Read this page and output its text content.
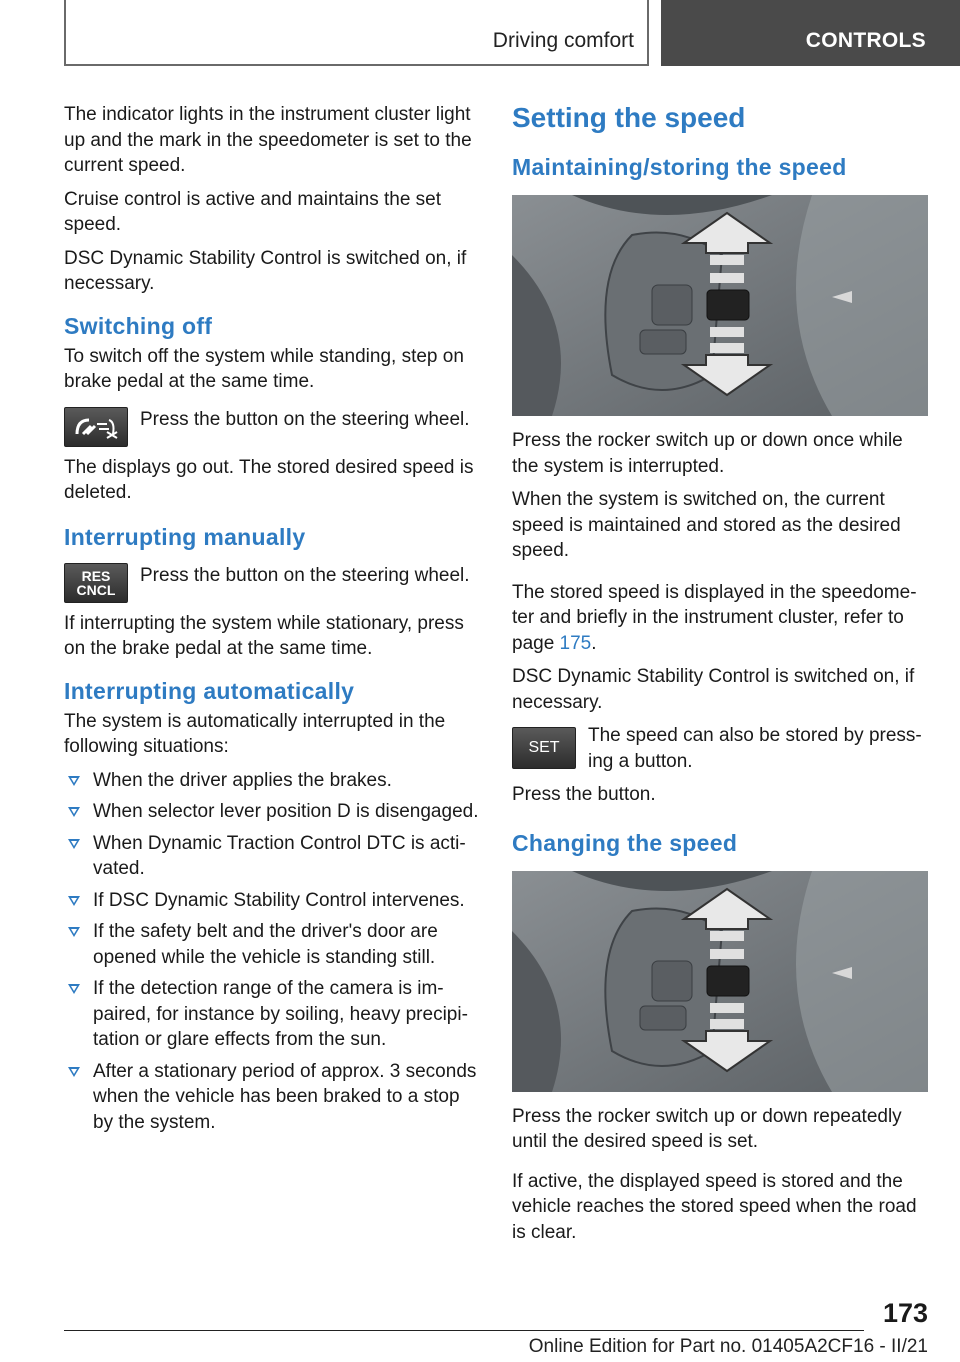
Driving comfort	CONTROLS

The indicator lights in the instrument cluster light up and the mark in the speedometer is set to the current speed.

Cruise control is active and maintains the set speed.

DSC Dynamic Stability Control is switched on, if necessary.

Switching off

To switch off the system while standing, step on brake pedal at the same time.

Press the button on the steering wheel.

The displays go out. The stored desired speed is deleted.

Interrupting manually
RES CNCL

Press the button on the steering wheel.

If interrupting the system while stationary, press on the brake pedal at the same time.

Interrupting automatically

The system is automatically interrupted in the following situations:

When the driver applies the brakes.
When selector lever position D is disengaged.
When Dynamic Traction Control DTC is acti-vated.
If DSC Dynamic Stability Control intervenes.
If the safety belt and the driver's door are opened while the vehicle is standing still.
If the detection range of the camera is im-paired, for instance by soiling, heavy precipi-tation or glare effects from the sun.
After a stationary period of approx. 3 seconds when the vehicle has been braked to a stop by the system.
Setting the speed
Maintaining/storing the speed

Press the rocker switch up or down once while the system is interrupted.

When the system is switched on, the current speed is maintained and stored as the desired speed.

The stored speed is displayed in the speedome-ter and briefly in the instrument cluster, refer to page 175.

DSC Dynamic Stability Control is switched on, if necessary.

SET

The speed can also be stored by press-ing a button.

Press the button.

Changing the speed

Press the rocker switch up or down repeatedly until the desired speed is set.

If active, the displayed speed is stored and the vehicle reaches the stored speed when the road is clear.

173
Online Edition for Part no. 01405A2CF16 - II/21
